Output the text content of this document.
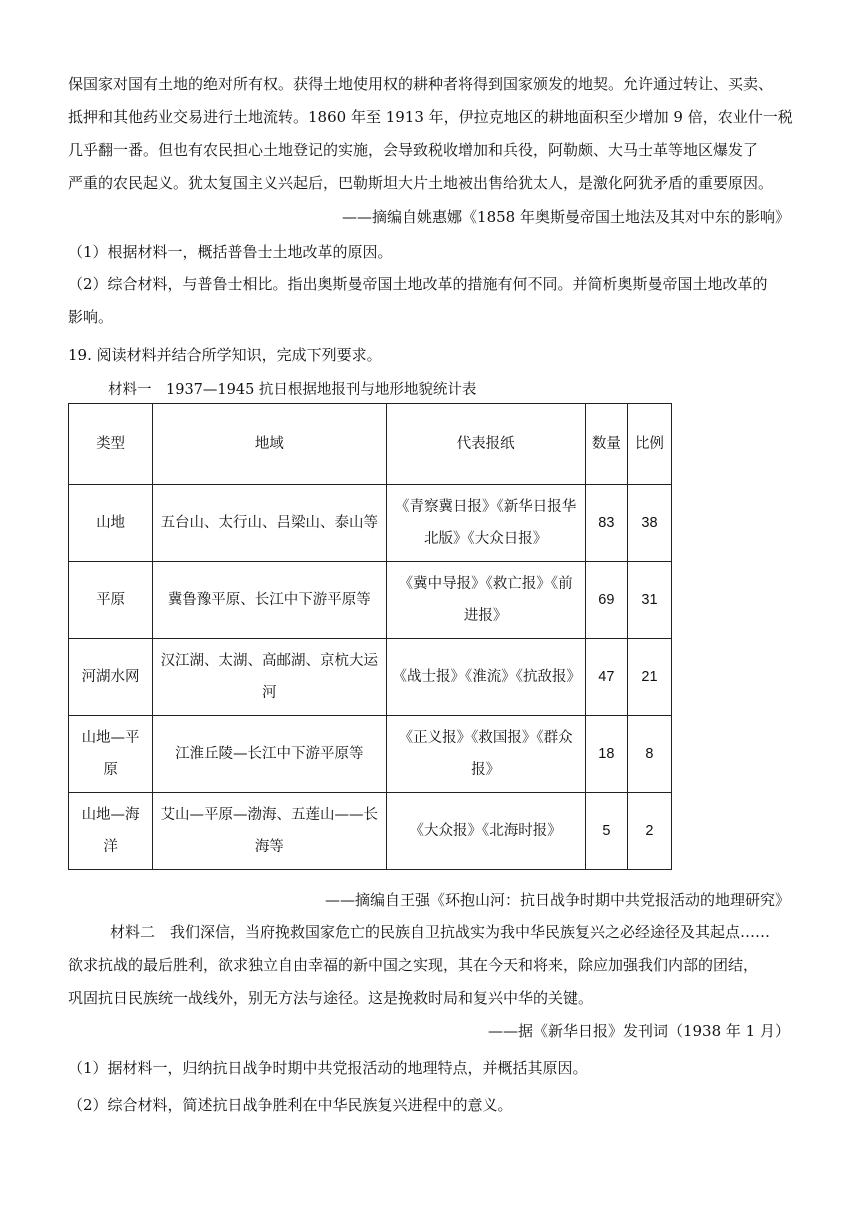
保国家对国有土地的绝对所有权。获得土地使用权的耕种者将得到国家颁发的地契。允许通过转让、买卖、
抵押和其他药业交易进行土地流转。1860 年至 1913 年，伊拉克地区的耕地面积至少增加 9 倍，农业什一税
几乎翻一番。但也有农民担心土地登记的实施，会导致税收增加和兵役，阿勒颇、大马士革等地区爆发了
严重的农民起义。犹太复国主义兴起后，巴勒斯坦大片土地被出售给犹太人，是激化阿犹矛盾的重要原因。
——摘编自姚惠娜《1858 年奥斯曼帝国土地法及其对中东的影响》
（1）根据材料一，概括普鲁士土地改革的原因。
（2）综合材料，与普鲁士相比。指出奥斯曼帝国土地改革的措施有何不同。并简析奥斯曼帝国土地改革的
影响。
19. 阅读材料并结合所学知识，完成下列要求。
材料一　1937—1945 抗日根据地报刊与地形地貌统计表
类型	地域	代表报纸	数量	比例
山地	五台山、太行山、吕梁山、泰山等	《青察冀日报》《新华日报华北版》《大众日报》	83	38
平原	冀鲁豫平原、长江中下游平原等	《冀中导报》《救亡报》《前进报》	69	31
河湖水网	汉江湖、太湖、高邮湖、京杭大运河	《战士报》《淮流》《抗敌报》	47	21
山地—平原	江淮丘陵—长江中下游平原等	《正义报》《救国报》《群众报》	18	8
山地—海洋	艾山—平原—渤海、五莲山——长海等	《大众报》《北海时报》	5	2
——摘编自王强《环抱山河：抗日战争时期中共党报活动的地理研究》
材料二　我们深信，当府挽救国家危亡的民族自卫抗战实为我中华民族复兴之必经途径及其起点……
欲求抗战的最后胜利，欲求独立自由幸福的新中国之实现，其在今天和将来，除应加强我们内部的团结，
巩固抗日民族统一战线外，别无方法与途径。这是挽救时局和复兴中华的关键。
——据《新华日报》发刊词（1938 年 1 月）
（1）据材料一，归纳抗日战争时期中共党报活动的地理特点，并概括其原因。
（2）综合材料，简述抗日战争胜利在中华民族复兴进程中的意义。
